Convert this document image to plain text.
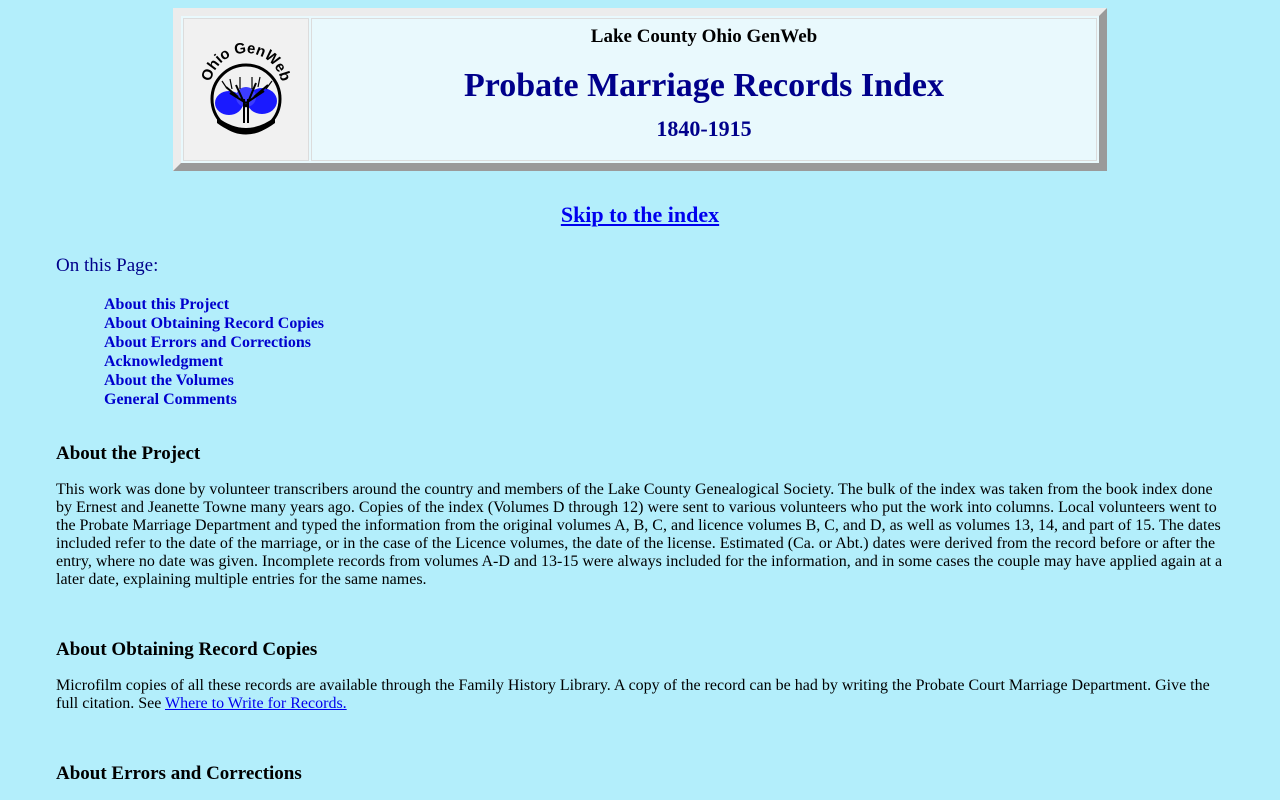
Ohio GenWeb
Lake County Ohio GenWeb
Probate Marriage Records Index
1840-1915
Skip to the index
On this Page:
About this Project
About Obtaining Record Copies
About Errors and Corrections
Acknowledgment
About the Volumes
General Comments
About the Project
This work was done by volunteer transcribers around the country and members of the Lake County Genealogical Society. The bulk of the index was taken from the book index done by Ernest and Jeanette Towne many years ago. Copies of the index (Volumes D through 12) were sent to various volunteers who put the work into columns. Local volunteers went to the Probate Marriage Department and typed the information from the original volumes A, B, C, and licence volumes B, C, and D, as well as volumes 13, 14, and part of 15. The dates included refer to the date of the marriage, or in the case of the Licence volumes, the date of the license. Estimated (Ca. or Abt.) dates were derived from the record before or after the entry, where no date was given. Incomplete records from volumes A-D and 13-15 were always included for the information, and in some cases the couple may have applied again at a later date, explaining multiple entries for the same names.
About Obtaining Record Copies
Microfilm copies of all these records are available through the Family History Library. A copy of the record can be had by writing the Probate Court Marriage Department. Give the full citation. See Where to Write for Records.
About Errors and Corrections
